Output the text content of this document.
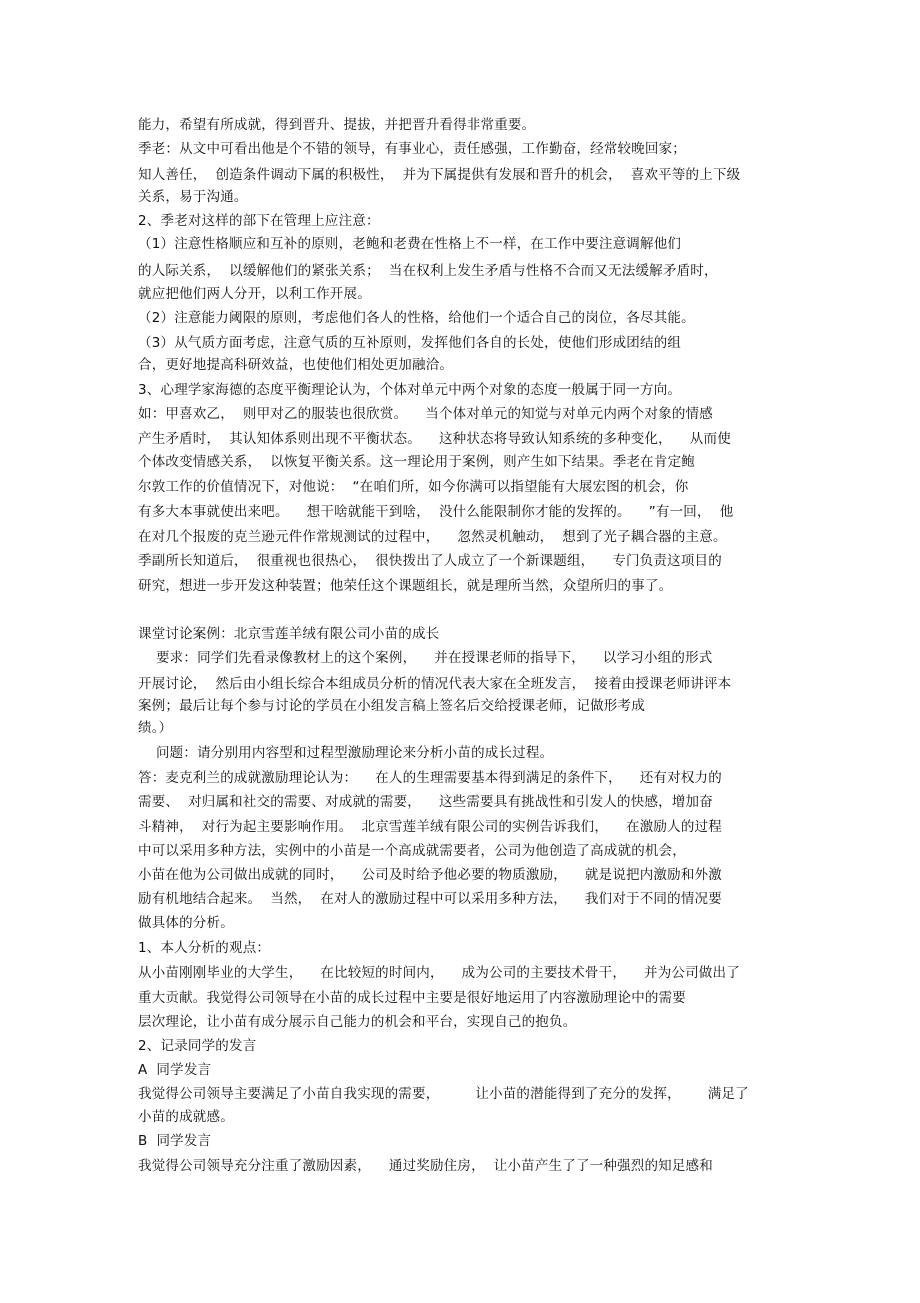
能力，希望有所成就，得到晋升、提拔，并把晋升看得非常重要。
季老：从文中可看出他是个不错的领导，有事业心，责任感强，工作勤奋，经常较晚回家；
知人善任，  创造条件调动下属的积极性，  并为下属提供有发展和晋升的机会，  喜欢平等的上下级
关系，易于沟通。
2、季老对这样的部下在管理上应注意：
（1）注意性格顺应和互补的原则，老鲍和老费在性格上不一样，在工作中要注意调解他们
的人际关系，  以缓解他们的紧张关系；  当在权利上发生矛盾与性格不合而又无法缓解矛盾时，
就应把他们两人分开，以利工作开展。
（2）注意能力阈限的原则，考虑他们各人的性格，给他们一个适合自己的岗位，各尽其能。
（3）从气质方面考虑，注意气质的互补原则，发挥他们各自的长处，使他们形成团结的组
合，更好地提高科研效益，也使他们相处更加融洽。
3、心理学家海德的态度平衡理论认为，个体对单元中两个对象的态度一般属于同一方向。
如：甲喜欢乙，  则甲对乙的服装也很欣赏。    当个体对单元的知觉与对单元内两个对象的情感
产生矛盾时，  其认知体系则出现不平衡状态。    这种状态将导致认知系统的多种变化，    从而使
个体改变情感关系，  以恢复平衡关系。这一理论用于案例，则产生如下结果。季老在肯定鲍
尔敦工作的价值情况下，对他说：  “在咱们所，如今你满可以指望能有大展宏图的机会，你
有多大本事就使出来吧。    想干啥就能干到啥，  没什么能限制你才能的发挥的。    ”有一回，  他
在对几个报废的克兰逊元件作常规测试的过程中，    忽然灵机触动，  想到了光子耦合器的主意。
季副所长知道后，  很重视也很热心，  很快拨出了人成立了一个新课题组，    专门负责这项目的
研究，想进一步开发这种装置；他荣任这个课题组长，就是理所当然，众望所归的事了。
课堂讨论案例：北京雪莲羊绒有限公司小苗的成长
要求：同学们先看录像教材上的这个案例，    并在授课老师的指导下，    以学习小组的形式
开展讨论，  然后由小组长综合本组成员分析的情况代表大家在全班发言，  接着由授课老师讲评本
案例；最后让每个参与讨论的学员在小组发言稿上签名后交给授课老师，记做形考成
绩。）
问题：请分别用内容型和过程型激励理论来分析小苗的成长过程。
答：麦克利兰的成就激励理论认为：    在人的生理需要基本得到满足的条件下，    还有对权力的
需要、  对归属和社交的需要、对成就的需要，    这些需要具有挑战性和引发人的快感，增加奋
斗精神，  对行为起主要影响作用。  北京雪莲羊绒有限公司的实例告诉我们，    在激励人的过程
中可以采用多种方法，实例中的小苗是一个高成就需要者，公司为他创造了高成就的机会，
小苗在他为公司做出成就的同时，    公司及时给予他必要的物质激励，    就是说把内激励和外激
励有机地结合起来。  当然，  在对人的激励过程中可以采用多种方法，    我们对于不同的情况要
做具体的分析。
1、本人分析的观点：
从小苗刚刚毕业的大学生，    在比较短的时间内，    成为公司的主要技术骨干，    并为公司做出了
重大贡献。我觉得公司领导在小苗的成长过程中主要是很好地运用了内容激励理论中的需要
层次理论，让小苗有成分展示自己能力的机会和平台，实现自己的抱负。
2、记录同学的发言
A  同学发言
我觉得公司领导主要满足了小苗自我实现的需要，        让小苗的潜能得到了充分的发挥，      满足了
小苗的成就感。
B  同学发言
我觉得公司领导充分注重了激励因素，    通过奖励住房，  让小苗产生了了一种强烈的知足感和
